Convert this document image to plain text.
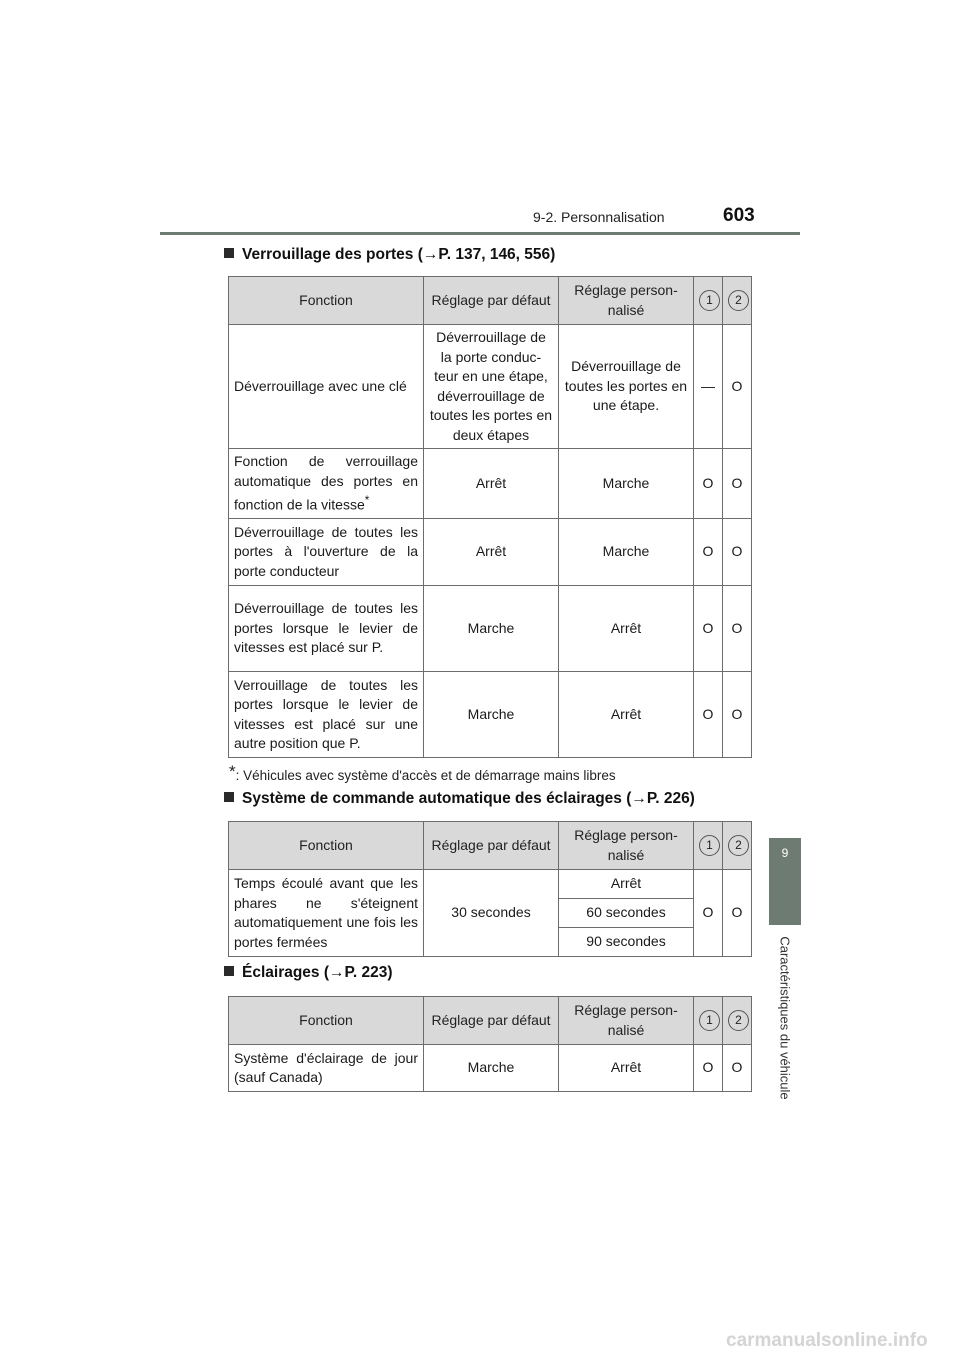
9-2. Personnalisation	603
9
Caractéristiques du véhicule
Verrouillage des portes (→P. 137, 146, 556)
Fonction	Réglage par défaut	Réglage person- nalisé	1	2
Déverrouillage avec une clé	Déverrouillage de la porte conduc- teur en une étape, déverrouillage de toutes les portes en deux étapes	Déverrouillage de toutes les portes en une étape.	—	O
Fonction de verrouillage automatique des portes en fonction de la vitesse*	Arrêt	Marche	O	O
Déverrouillage de toutes les portes à l'ouverture de la porte conducteur	Arrêt	Marche	O	O
Déverrouillage de toutes les portes lorsque le levier de vitesses est placé sur P.	Marche	Arrêt	O	O
Verrouillage de toutes les portes lorsque le levier de vitesses est placé sur une autre position que P.	Marche	Arrêt	O	O
*: Véhicules avec système d'accès et de démarrage mains libres
Système de commande automatique des éclairages (→P. 226)
Fonction	Réglage par défaut	Réglage person- nalisé	1	2
Temps écoulé avant que les phares ne s'éteignent automatiquement une fois les portes fermées	30 secondes	Arrêt	O	O
		60 secondes		
		90 secondes		
Éclairages (→P. 223)
Fonction	Réglage par défaut	Réglage person- nalisé	1	2
Système d'éclairage de jour (sauf Canada)	Marche	Arrêt	O	O
carmanualsonline.info
